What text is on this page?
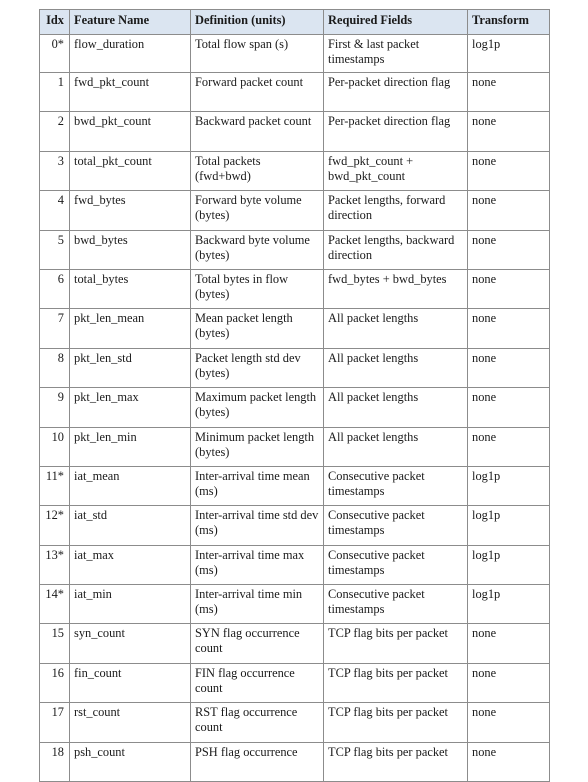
Idx	Feature Name	Definition (units)	Required Fields	Transform
0*	flow_duration	Total flow span (s)	First & last packet timestamps	log1p
1	fwd_pkt_count	Forward packet count	Per-packet direction flag	none
2	bwd_pkt_count	Backward packet count	Per-packet direction flag	none
3	total_pkt_count	Total packets (fwd+bwd)	fwd_pkt_count + bwd_pkt_count	none
4	fwd_bytes	Forward byte volume (bytes)	Packet lengths, forward direction	none
5	bwd_bytes	Backward byte volume (bytes)	Packet lengths, backward direction	none
6	total_bytes	Total bytes in flow (bytes)	fwd_bytes + bwd_bytes	none
7	pkt_len_mean	Mean packet length (bytes)	All packet lengths	none
8	pkt_len_std	Packet length std dev (bytes)	All packet lengths	none
9	pkt_len_max	Maximum packet length (bytes)	All packet lengths	none
10	pkt_len_min	Minimum packet length (bytes)	All packet lengths	none
11*	iat_mean	Inter-arrival time mean (ms)	Consecutive packet timestamps	log1p
12*	iat_std	Inter-arrival time std dev (ms)	Consecutive packet timestamps	log1p
13*	iat_max	Inter-arrival time max (ms)	Consecutive packet timestamps	log1p
14*	iat_min	Inter-arrival time min (ms)	Consecutive packet timestamps	log1p
15	syn_count	SYN flag occurrence count	TCP flag bits per packet	none
16	fin_count	FIN flag occurrence count	TCP flag bits per packet	none
17	rst_count	RST flag occurrence count	TCP flag bits per packet	none
18	psh_count	PSH flag occurrence	TCP flag bits per packet	none
